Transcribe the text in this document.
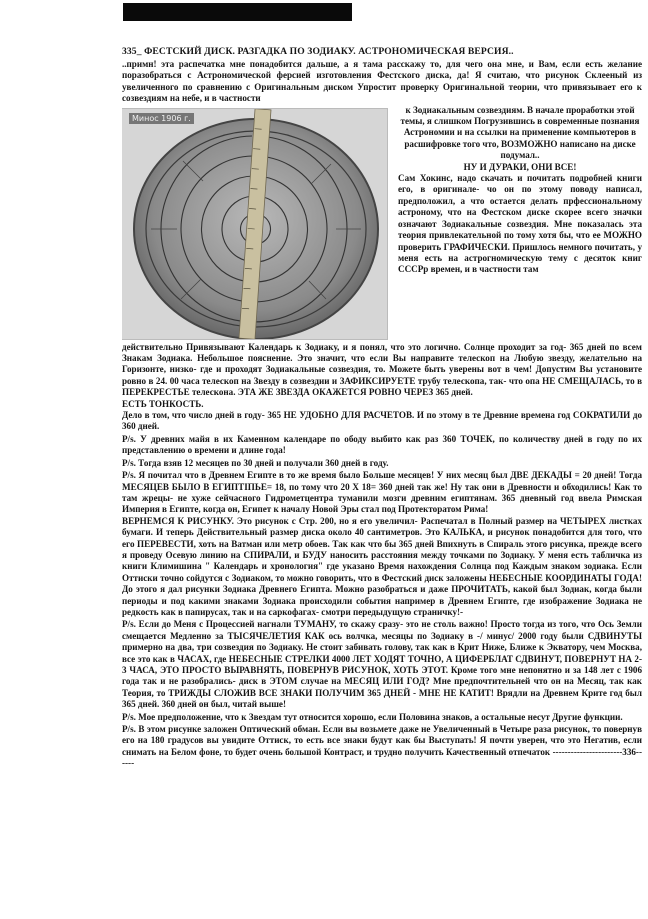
335_ ФЕСТСКИЙ ДИСК. РАЗГАДКА ПО ЗОДИАКУ. АСТРОНОМИЧЕСКАЯ ВЕРСИЯ..

..примн! эта распечатка мне понадобится дальше, а я тама расскажу то, для чего она мне, и Вам, если есть желание поразобраться с Астрономической ферсией изготовления Фестского диска, да! Я считаю, что рисунок Склееный из увеличенного по сравнению с Оригинальным диском Упростит проверку Оригинальной теории, что привязывает его к созвездиям на небе, и в частности

Минос 1906 г.

к Зодиакальным созвездиям. В начале проработки этой темы, я слишком Погрузившись в современные познания Астрономии и на ссылки на применение компьютеров в расшифровке того что, ВОЗМОЖНО написано на диске подумал..

НУ И ДУРАКИ, ОНИ ВСЕ!

Сам Хокинс, надо скачать и почитать подробней книги его, в оригинале- чо он по этому поводу написал, предположил, а что остается делать прфессиональному астроному, что на Фестском диске скорее всего значки означают Зодиакальные созвездия. Мне показалась эта теория привлекательной по тому хотя бы, что ее МОЖНО проверить ГРАФИЧЕСКИ. Пришлось немного почитать, у меня есть на астрогномическую тему с десяток книг СССРр времен, и в частности там

действительно Привязывают Календарь к Зодиаку, и я понял, что это логично. Солнце проходит за год- 365 дней по всем Знакам Зодиака. Небольшое пояснение. Это значит, что если Вы направите телескоп на Любую звезду, желательно на Горизонте, низко- где и проходят Зодиакальные созвездия, то. Можете быть уверены вот в чем! Допустим Вы установите ровно в 24. 00 часа телескоп на Звезду в созвездии и ЗАФИКСИРУЕТЕ трубу телескопа, так- что опа НЕ СМЕЩАЛАСЬ, то в ПЕРЕКРЕСТЬЕ телескона. ЭТА ЖЕ ЗВЕЗДА ОКАЖЕТСЯ РОВНО ЧЕРЕЗ 365 дней.

ЕСТЬ ТОНКОСТЬ.

Дело в том, что число дней в году- 365 НЕ УДОБНО ДЛЯ РАСЧЕТОВ. И по этому в те Древние времена год СОКРАТИЛИ до 360 дней.

P/s. У древних майя в их Каменном календаре по ободу выбито как раз 360 ТОЧЕК, по количеству дней в году по их представлению о времени и длине года!

P/s. Тогда взяв 12 месяцев по 30 дней и получали 360 дней в году.

P/s. Я почитал что в Древнем Египте в то же время было Больше месяцев! У них месяц был ДВЕ ДЕКАДЫ = 20 дней! Тогда МЕСЯЦЕВ БЫЛО В ЕГИПТІПЬЕ= 18, по тому что 20 Х 18= 360 дней так же! Ну так они в Древности и обходились! Как то там жрецы- не хуже сейчасного Гидрометцентра туманили мозги древним египтянам. 365 дневный год ввела Римская Империя в Египте, когда он, Египет к началу Новой Эры стал под Протекторатом Рима!

ВЕРНЕМСЯ К РИСУНКУ. Это рисунок с Стр. 200, но я его увеличил- Распечатал в Полный размер на ЧЕТЫРЕХ листках бумаги. И теперь Действительный размер диска около 40 сантиметров. Это КАЛЬКА, и рисунок понадобится для того, что его ПЕРЕВЕСТИ, хоть на Ватман или метр обоев. Так как что бы 365 дней Впихнуть в Спираль этого рисунка, прежде всего я проведу Осевую линию на СПИРАЛИ, и БУДУ наносить расстояния между точками по Зодиаку. У меня есть табличка из книги Климишина " Календарь и хронология" где указано Время нахождения Солнца под Каждым знаком зодиака. Если Оттиски точно сойдутся с Зодиаком, то можно говорить, что в Фестский диск заложены НЕБЕСНЫЕ КООРДИНАТЫ ГОДА! До этого я дал рисунки Зодиака Древнего Египта. Можно разобраться и даже ПРОЧИТАТЬ, какой был Зодиак, когда были периоды и под какими знаками Зодиака происходили события например в Древнем Египте, где изображение Зодиака не редкость как в папирусах, так и на саркофагах- смотри передыдущую страничку!-

P/s. Если до Меня с Процессией нагнали ТУМАНУ, то скажу сразу- это не столь важно! Просто тогда из того, что Ось Земли смещается Медленно за ТЫСЯЧЕЛЕТИЯ КАК ось волчка, месяцы по Зодиаку в -/ минус/ 2000 году были СДВИНУТЫ примерно на два, три созвездия по Зодиаку. Не стоит забивать голову, так как в Крит Ниже, Ближе к Экватору, чем Москва, все это как в ЧАСАХ, где НЕБЕСНЫЕ СТРЕЛКИ 4000 ЛЕТ ХОДЯТ ТОЧНО, А ЦИФЕРБЛАТ СДВИНУТ, ПОВЕРНУТ НА 2- 3 ЧАСА, ЭТО ПРОСТО ВЫРАВНЯТЬ, ПОВЕРНУВ РИСУНОК, ХОТЬ ЭТОТ. Кроме того мне непонятно и за 148 лет с 1906 года так и не разобрались- диск в ЭТОМ случае на МЕСЯЦ ИЛИ ГОД? Мне предпочтительней что он на Месяц, так как Теория, то ТРИЖДЫ СЛОЖИВ ВСЕ ЗНАКИ ПОЛУЧИМ 365 ДНЕЙ - МНЕ НЕ КАТИТ! Врядли на Древнем Крите год был 365 дней. 360 дней он был, читай выше!

P/s. Мое предположение, что к Звездам тут относится хорошо, если Половина знаков, а остальные несут Другие функции.

P/s. В этом рисунке заложен Оптический обман. Если вы возьмете даже не Увеличенный в Четыре раза рисунок, то повернув его на 180 градусов вы увидите Оттиск, то есть все знаки будут как бы Выступать! Я почти уверен, что это Негатив, если снимать на Белом фоне, то будет очень большой Контраст, и трудно получить Качественный отпечаток -----------------------336------
